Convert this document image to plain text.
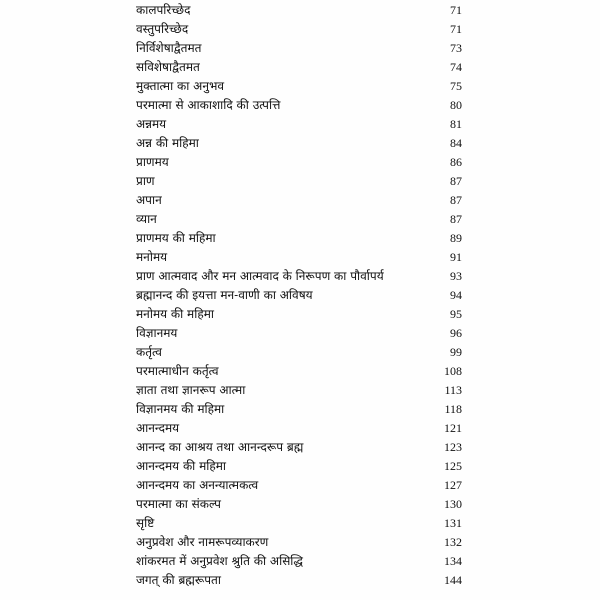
कालपरिच्छेद	71
वस्तुपरिच्छेद	71
निर्विशेषाद्वैतमत	73
सविशेषाद्वैतमत	74
मुक्तात्मा का अनुभव	75
परमात्मा से आकाशादि की उत्पत्ति	80
अन्नमय	81
अन्न की महिमा	84
प्राणमय	86
प्राण	87
अपान	87
व्यान	87
प्राणमय की महिमा	89
मनोमय	91
प्राण आत्मवाद और मन आत्मवाद के निरूपण का पौर्वापर्य	93
ब्रह्मानन्द की इयत्ता मन-वाणी का अविषय	94
मनोमय की महिमा	95
विज्ञानमय	96
कर्तृत्व	99
परमात्माधीन कर्तृत्व	108
ज्ञाता तथा ज्ञानरूप आत्मा	113
विज्ञानमय की महिमा	118
आनन्दमय	121
आनन्द का आश्रय तथा आनन्दरूप ब्रह्म	123
आनन्दमय की महिमा	125
आनन्दमय का अनन्यात्मकत्व	127
परमात्मा का संकल्प	130
सृष्टि	131
अनुप्रवेश और नामरूपव्याकरण	132
शांकरमत में अनुप्रवेश श्रुति की असिद्धि	134
जगत् की ब्रह्मरूपता	144
